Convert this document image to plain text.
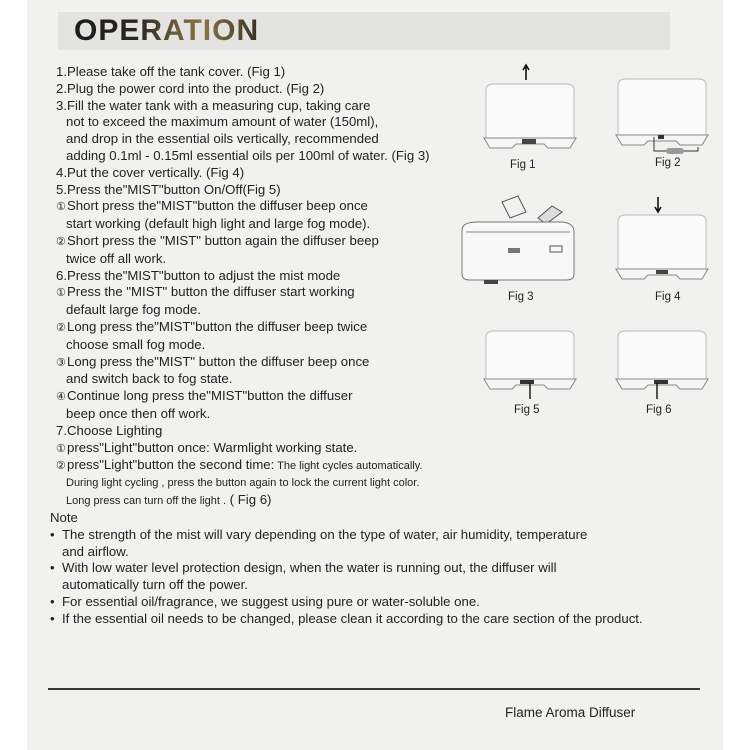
OPERATION
1.Please take off the tank cover. (Fig 1)
2.Plug the power cord into the product. (Fig 2)
3.Fill the water tank with a measuring cup, taking care
not to exceed the maximum amount of water (150ml),
and drop in the essential oils vertically, recommended
adding 0.1ml - 0.15ml essential oils per 100ml of water. (Fig 3)
4.Put the cover vertically. (Fig 4)
5.Press the"MIST"button On/Off(Fig 5)
①Short press the"MIST"button the diffuser beep once
start working (default high light and large fog mode).
②Short press the "MIST" button again the diffuser beep
twice off all work.
6.Press the"MIST"button to adjust the mist mode
①Press the "MIST" button the diffuser start working
default large fog mode.
②Long press the"MIST"button the diffuser beep twice
choose small fog mode.
③Long press the"MIST" button the diffuser beep once
and switch back to fog state.
④Continue long press the"MIST"button the diffuser
beep once then off work.
7.Choose Lighting
①press"Light"button once: Warmlight working state.
②press"Light"button the second time: The light cycles automatically.
During light cycling , press the button again to lock the current light color.
Long press can turn off the light . ( Fig 6)
Fig 1	Fig 2
Fig 3	Fig 4
Fig 5	Fig 6
Note
• The strength of the mist will vary depending on the type of water, air humidity, temperature
and airflow.
• With low water level protection design, when the water is running out, the diffuser will
automatically turn off the power.
• For essential oil/fragrance, we suggest using pure or water-soluble one.
• If the essential oil needs to be changed, please clean it according to the care section of the product.
Flame Aroma Diffuser
